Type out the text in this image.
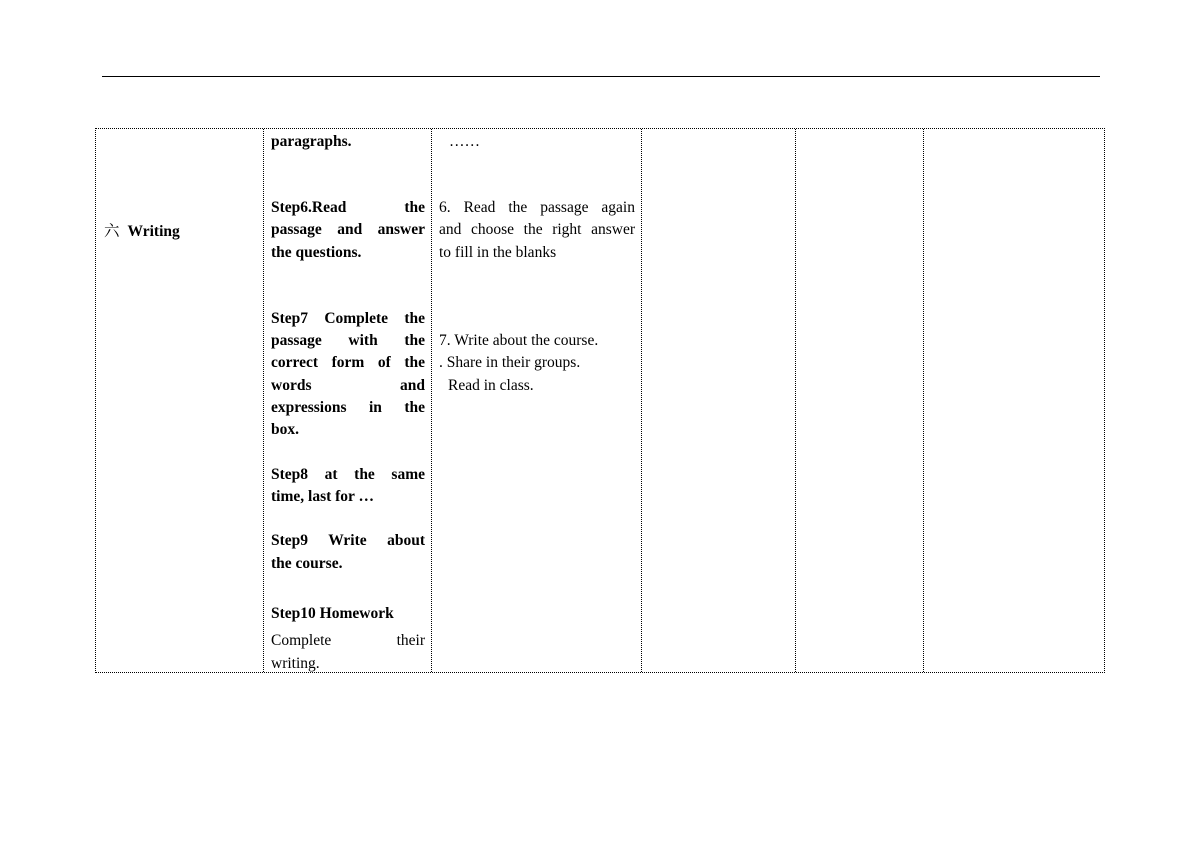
六 Writing
paragraphs.
Step6.Read the
passage and answer
the questions.
Step7 Complete the
passage with the
correct form of the
words and
expressions in the
box.
Step8 at the same
time, last for …
Step9 Write about
the course.
Step10 Homework
Complete their
writing.
……
6. Read the passage again
and choose the right answer
to fill in the blanks
7. Write about the course.
. Share in their groups.
Read in class.
